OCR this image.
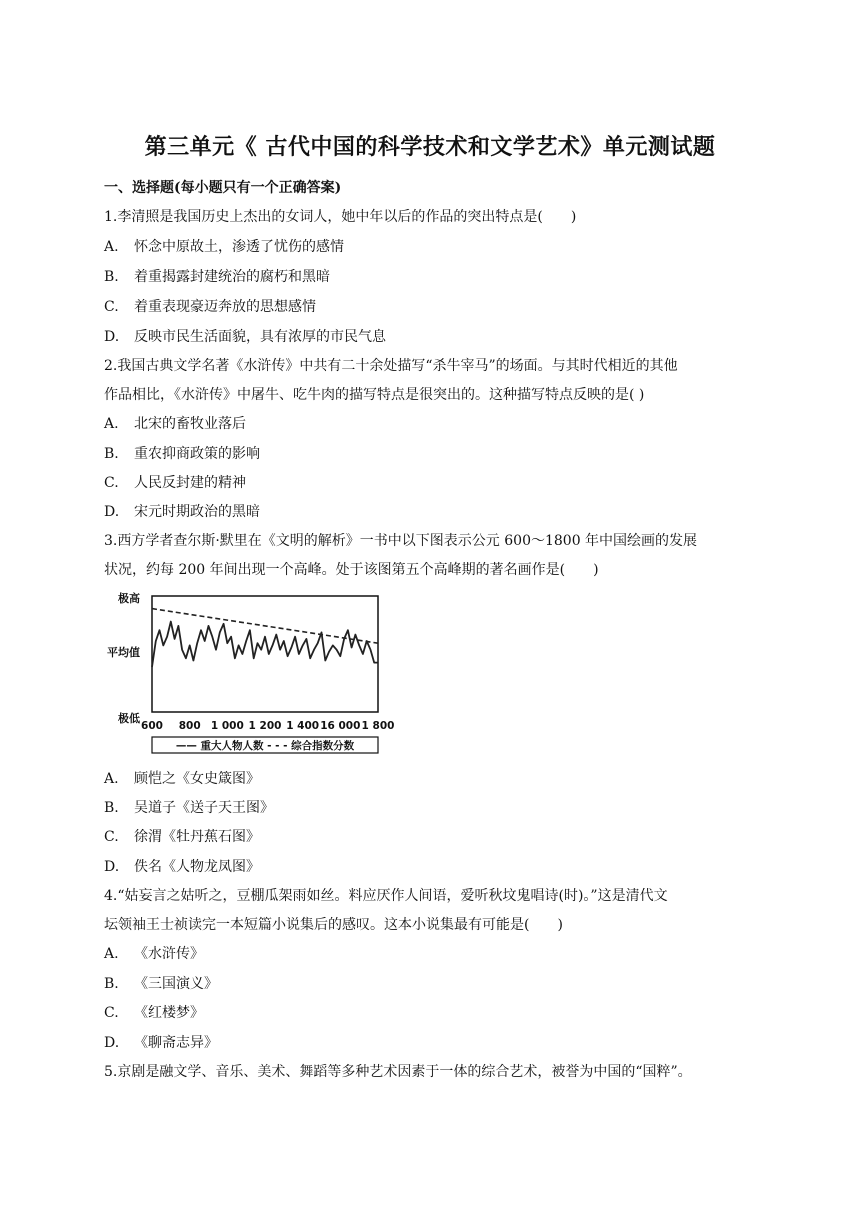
第三单元《 古代中国的科学技术和文学艺术》单元测试题
一、选择题(每小题只有一个正确答案)
1.李清照是我国历史上杰出的女词人，她中年以后的作品的突出特点是(　　)
A. 怀念中原故土，渗透了忧伤的感情
B. 着重揭露封建统治的腐朽和黑暗
C. 着重表现豪迈奔放的思想感情
D. 反映市民生活面貌，具有浓厚的市民气息
2.我国古典文学名著《水浒传》中共有二十余处描写“杀牛宰马”的场面。与其时代相近的其他
作品相比，《水浒传》中屠牛、吃牛肉的描写特点是很突出的。这种描写特点反映的是( )
A. 北宋的畜牧业落后
B. 重农抑商政策的影响
C. 人民反封建的精神
D. 宋元时期政治的黑暗
3.西方学者查尔斯·默里在《文明的解析》一书中以下图表示公元 600～1800 年中国绘画的发展
状况，约每 200 年间出现一个高峰。处于该图第五个高峰期的著名画作是(　　)
极高
平均值
极低
600 800 1 000 1 200 1 400 16 000 1 800
—— 重大人物人数 - - - 综合指数分数
A. 顾恺之《女史箴图》
B. 吴道子《送子天王图》
C. 徐渭《牡丹蕉石图》
D. 佚名《人物龙凤图》
4.“姑妄言之姑听之，豆棚瓜架雨如丝。料应厌作人间语，爱听秋坟鬼唱诗(时)。”这是清代文
坛领袖王士祯读完一本短篇小说集后的感叹。这本小说集最有可能是(　　)
A. 《水浒传》
B. 《三国演义》
C. 《红楼梦》
D. 《聊斋志异》
5.京剧是融文学、音乐、美术、舞蹈等多种艺术因素于一体的综合艺术，被誉为中国的“国粹”。
